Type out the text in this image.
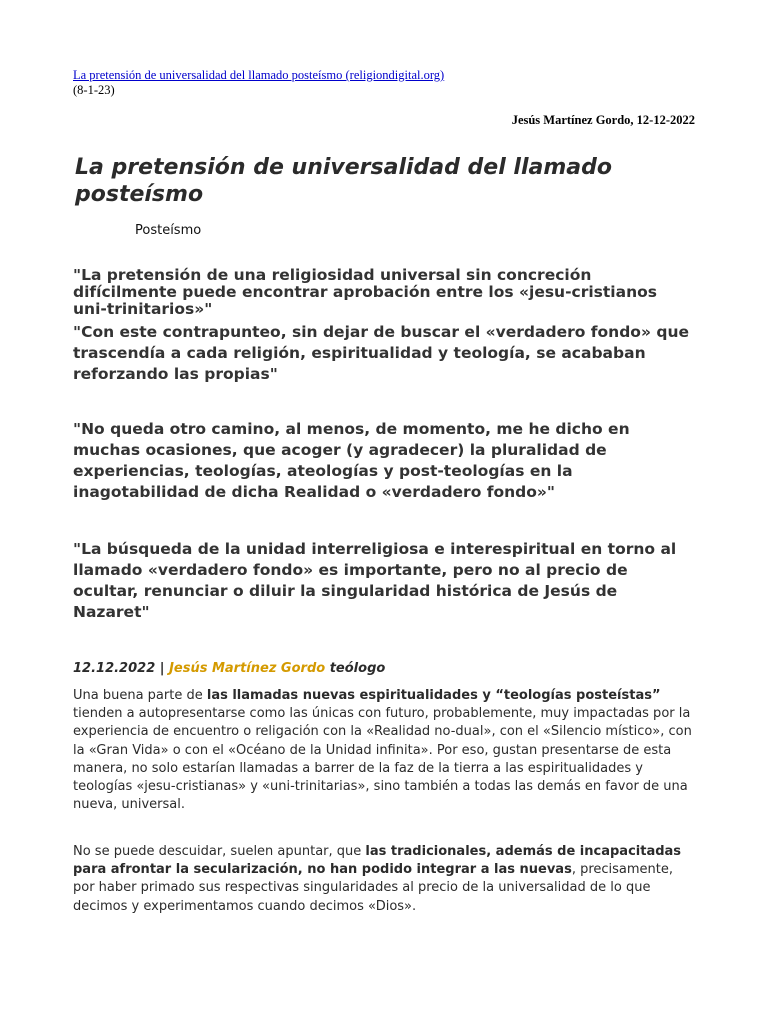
La pretensión de universalidad del llamado posteísmo (religiondigital.org)
(8-1-23)
Jesús Martínez Gordo, 12-12-2022
La pretensión de universalidad del llamado posteísmo
Posteísmo

"La pretensión de una religiosidad universal sin concreción difícilmente puede encontrar aprobación entre los «jesu-cristianos uni-trinitarios»"

"Con este contrapunteo, sin dejar de buscar el «verdadero fondo» que trascendía a cada religión, espiritualidad y teología, se acababan reforzando las propias"

"No queda otro camino, al menos, de momento, me he dicho en muchas ocasiones, que acoger (y agradecer) la pluralidad de experiencias, teologías, ateologías y post-teologías en la inagotabilidad de dicha Realidad o «verdadero fondo»"

"La búsqueda de la unidad interreligiosa e interespiritual en torno al llamado «verdadero fondo» es importante, pero no al precio de ocultar, renunciar o diluir la singularidad histórica de Jesús de Nazaret"

12.12.2022 | Jesús Martínez Gordo teólogo

Una buena parte de las llamadas nuevas espiritualidades y “teologías posteístas” tienden a autopresentarse como las únicas con futuro, probablemente, muy impactadas por la experiencia de encuentro o religación con la «Realidad no-dual», con el «Silencio místico», con la «Gran Vida» o con el «Océano de la Unidad infinita». Por eso, gustan presentarse de esta manera, no solo estarían llamadas a barrer de la faz de la tierra a las espiritualidades y teologías «jesu-cristianas» y «uni-trinitarias», sino también a todas las demás en favor de una nueva, universal.

No se puede descuidar, suelen apuntar, que las tradicionales, además de incapacitadas para afrontar la secularización, no han podido integrar a las nuevas, precisamente, por haber primado sus respectivas singularidades al precio de la universalidad de lo que decimos y experimentamos cuando decimos «Dios».
